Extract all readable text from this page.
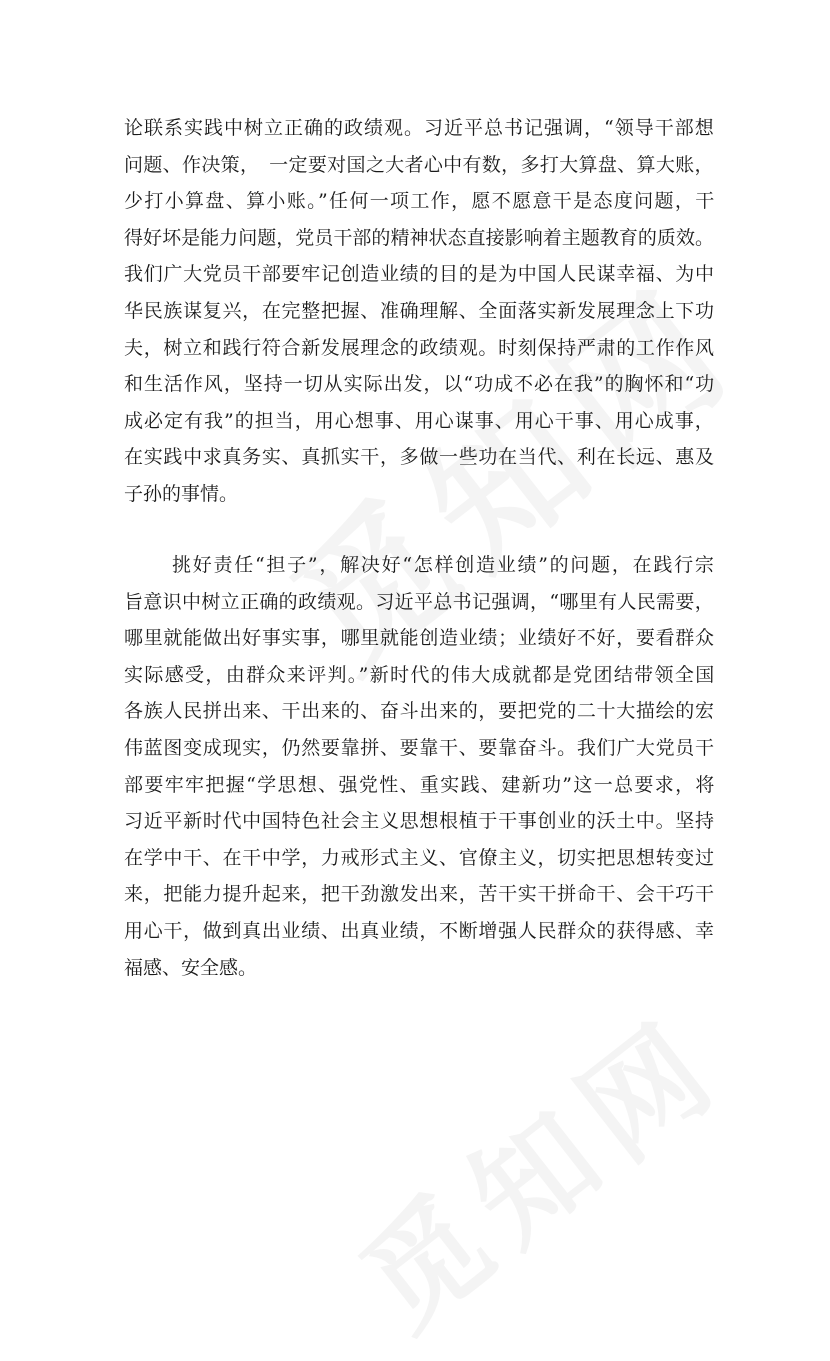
论联系实践中树立正确的政绩观。习近平总书记强调，“领导干部想
问题、作决策，　一定要对国之大者心中有数，多打大算盘、算大账，
少打小算盘、算小账。”任何一项工作，愿不愿意干是态度问题，干
得好坏是能力问题，党员干部的精神状态直接影响着主题教育的质效。
我们广大党员干部要牢记创造业绩的目的是为中国人民谋幸福、为中
华民族谋复兴，在完整把握、准确理解、全面落实新发展理念上下功
夫，树立和践行符合新发展理念的政绩观。时刻保持严肃的工作作风
和生活作风，坚持一切从实际出发，以“功成不必在我”的胸怀和“功
成必定有我”的担当，用心想事、用心谋事、用心干事、用心成事，
在实践中求真务实、真抓实干，多做一些功在当代、利在长远、惠及
子孙的事情。
挑好责任“担子”，解决好“怎样创造业绩”的问题，在践行宗
旨意识中树立正确的政绩观。习近平总书记强调，“哪里有人民需要，
哪里就能做出好事实事，哪里就能创造业绩；业绩好不好，要看群众
实际感受，由群众来评判。”新时代的伟大成就都是党团结带领全国
各族人民拼出来、干出来的、奋斗出来的，要把党的二十大描绘的宏
伟蓝图变成现实，仍然要靠拼、要靠干、要靠奋斗。我们广大党员干
部要牢牢把握“学思想、强党性、重实践、建新功”这一总要求，将
习近平新时代中国特色社会主义思想根植于干事创业的沃土中。坚持
在学中干、在干中学，力戒形式主义、官僚主义，切实把思想转变过
来，把能力提升起来，把干劲激发出来，苦干实干拼命干、会干巧干
用心干，做到真出业绩、出真业绩，不断增强人民群众的获得感、幸
福感、安全感。
